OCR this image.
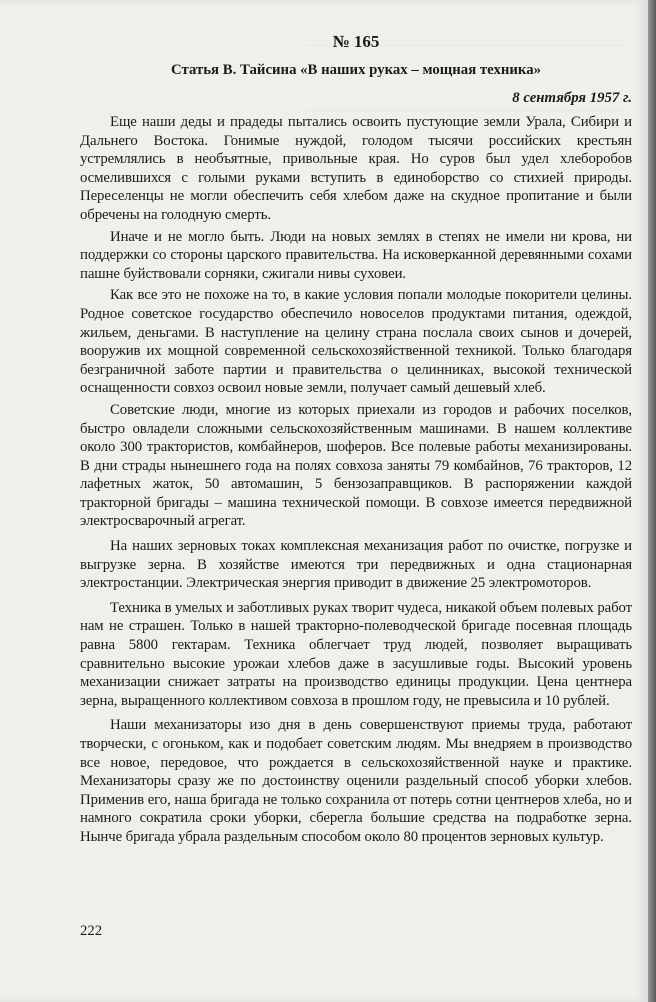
№ 165
Статья В. Тайсина «В наших руках – мощная техника»
8 сентября 1957 г.

Еще наши деды и прадеды пытались освоить пустующие земли Урала, Сибири и Дальнего Востока. Гонимые нуждой, голодом тысячи российских крестьян устремлялись в необъятные, привольные края. Но суров был удел хлеборобов осмелившихся с голыми руками вступить в единоборство со стихией природы. Переселенцы не могли обеспечить себя хлебом даже на скудное пропитание и были обречены на голодную смерть.

Иначе и не могло быть. Люди на новых землях в степях не имели ни крова, ни поддержки со стороны царского правительства. На исковерканной деревянными сохами пашне буйствовали сорняки, сжигали нивы суховеи.

Как все это не похоже на то, в какие условия попали молодые покорители целины. Родное советское государство обеспечило новоселов продуктами питания, одеждой, жильем, деньгами. В наступление на целину страна послала своих сынов и дочерей, вооружив их мощной современной сельскохозяйственной техникой. Только благодаря безграничной заботе партии и правительства о целинниках, высокой технической оснащенности совхоз освоил новые земли, получает самый дешевый хлеб.

Советские люди, многие из которых приехали из городов и рабочих поселков, быстро овладели сложными сельскохозяйственным машинами. В нашем коллективе около 300 трактористов, комбайнеров, шоферов. Все полевые работы механизированы. В дни страды нынешнего года на полях совхоза заняты 79 комбайнов, 76 тракторов, 12 лафетных жаток, 50 автомашин, 5 бензозаправщиков. В распоряжении каждой тракторной бригады – машина технической помощи. В совхозе имеется передвижной электросварочный агрегат.

На наших зерновых токах комплексная механизация работ по очистке, погрузке и выгрузке зерна. В хозяйстве имеются три передвижных и одна стационарная электростанции. Электрическая энергия приводит в движение 25 электромоторов.

Техника в умелых и заботливых руках творит чудеса, никакой объем полевых работ нам не страшен. Только в нашей тракторно-полеводческой бригаде посевная площадь равна 5800 гектарам. Техника облегчает труд людей, позволяет выращивать сравнительно высокие урожаи хлебов даже в засушливые годы. Высокий уровень механизации снижает затраты на производство единицы продукции. Цена центнера зерна, выращенного коллективом совхоза в прошлом году, не превысила и 10 рублей.

Наши механизаторы изо дня в день совершенствуют приемы труда, работают творчески, с огоньком, как и подобает советским людям. Мы внедряем в производство все новое, передовое, что рождается в сельскохозяйственной науке и практике. Механизаторы сразу же по достоинству оценили раздельный способ уборки хлебов. Применив его, наша бригада не только сохранила от потерь сотни центнеров хлеба, но и намного сократила сроки уборки, сберегла большие средства на подработке зерна. Нынче бригада убрала раздельным способом около 80 процентов зерновых культур.

222
